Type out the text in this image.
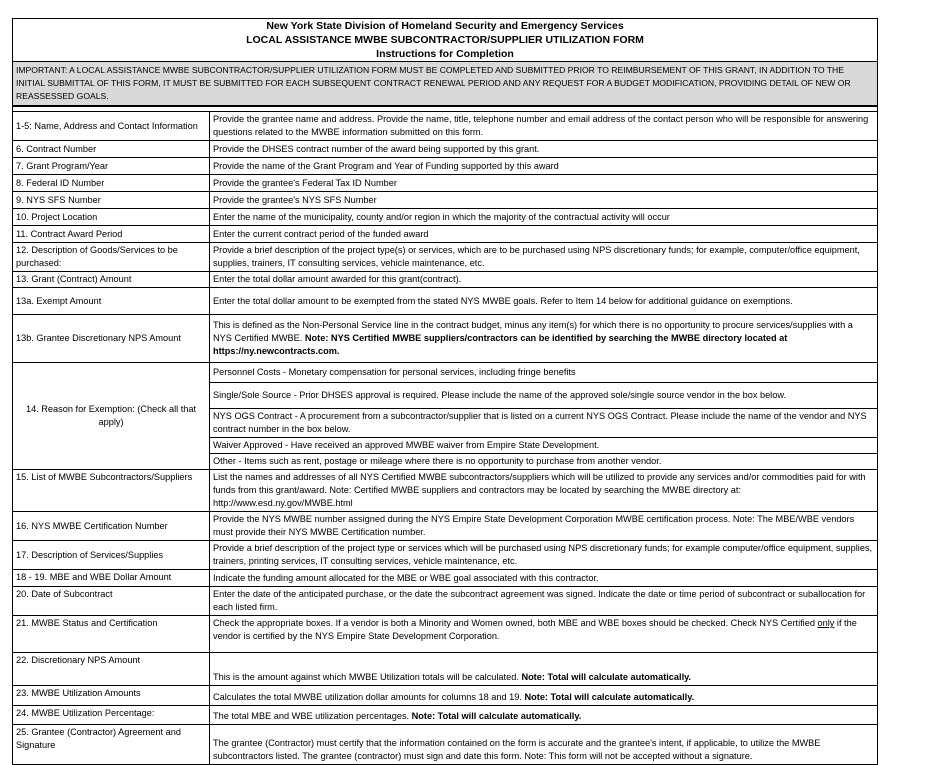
New York State Division of Homeland Security and Emergency Services	
LOCAL ASSISTANCE MWBE SUBCONTRACTOR/SUPPLIER UTILIZATION FORM	
Instructions for Completion	
IMPORTANT: A LOCAL ASSISTANCE MWBE SUBCONTRACTOR/SUPPLIER UTILIZATION FORM MUST BE COMPLETED AND SUBMITTED PRIOR TO REIMBURSEMENT OF THIS GRANT, IN ADDITION TO THE INITIAL SUBMITTAL OF THIS FORM, IT MUST BE SUBMITTED FOR EACH SUBSEQUENT CONTRACT RENEWAL PERIOD AND ANY REQUEST FOR A BUDGET MODIFICATION, PROVIDING DETAIL OF NEW OR REASSESSED GOALS.	

1-5: Name, Address and Contact Information	Provide the grantee name and address. Provide the name, title, telephone number and email address of the contact person who will be responsible for answering questions related to the MWBE information submitted on this form.
6. Contract Number	Provide the DHSES contract number of the award being supported by this grant.
7. Grant Program/Year	Provide the name of the Grant Program and Year of Funding supported by this award
8. Federal ID Number	Provide the grantee's Federal Tax ID Number
9. NYS SFS Number	Provide the grantee's NYS SFS Number
10. Project Location	Enter the name of the municipality, county and/or region in which the majority of the contractual activity will occur
11. Contract Award Period	Enter the current contract period of the funded award
12. Description of Goods/Services to be purchased:	Provide a brief description of the project type(s) or services, which are to be purchased using NPS discretionary funds; for example, computer/office equipment, supplies, trainers, IT consulting services, vehicle maintenance, etc.
13. Grant (Contract) Amount	Enter the total dollar amount awarded for this grant(contract).
13a. Exempt Amount	Enter the total dollar amount to be exempted from the stated NYS MWBE goals. Refer to Item 14 below for additional guidance on exemptions.
13b. Grantee Discretionary NPS Amount	This is defined as the Non-Personal Service line in the contract budget, minus any item(s) for which there is no opportunity to procure services/supplies with a NYS Certified MWBE. Note: NYS Certified MWBE suppliers/contractors can be identified by searching the MWBE directory located at https://ny.newcontracts.com.
14. Reason for Exemption: (Check all that apply)	Personnel Costs - Monetary compensation for personal services, including fringe benefits
	Single/Sole Source - Prior DHSES approval is required. Please include the name of the approved sole/single source vendor in the box below.
	NYS OGS Contract - A procurement from a subcontractor/supplier that is listed on a current NYS OGS Contract. Please include the name of the vendor and NYS contract number in the box below.
	Waiver Approved - Have received an approved MWBE waiver from Empire State Development.
	Other - Items such as rent, postage or mileage where there is no opportunity to purchase from another vendor.
15. List of MWBE Subcontractors/Suppliers	List the names and addresses of all NYS Certified MWBE subcontractors/suppliers which will be utilized to provide any services and/or commodities paid for with funds from this grant/award. Note: Certified MWBE suppliers and contractors may be located by searching the MWBE directory at: http://www.esd.ny.gov/MWBE.html
16. NYS MWBE Certification Number	Provide the NYS MWBE number assigned during the NYS Empire State Development Corporation MWBE certification process. Note: The MBE/WBE vendors must provide their NYS MWBE Certification number.
17. Description of Services/Supplies	Provide a brief description of the project type or services which will be purchased using NPS discretionary funds; for example computer/office equipment, supplies, trainers, printing services, IT consulting services, vehicle maintenance, etc.
18 - 19. MBE and WBE Dollar Amount	Indicate the funding amount allocated for the MBE or WBE goal associated with this contractor.
20. Date of Subcontract	Enter the date of the anticipated purchase, or the date the subcontract agreement was signed. Indicate the date or time period of subcontract or suballocation for each listed firm.
21. MWBE Status and Certification	Check the appropriate boxes. If a vendor is both a Minority and Women owned, both MBE and WBE boxes should be checked. Check NYS Certified only if the vendor is certified by the NYS Empire State Development Corporation.
22. Discretionary NPS Amount	This is the amount against which MWBE Utilization totals will be calculated. Note: Total will calculate automatically.
23. MWBE Utilization Amounts	Calculates the total MWBE utilization dollar amounts for columns 18 and 19. Note: Total will calculate automatically.
24. MWBE Utilization Percentage:	The total MBE and WBE utilization percentages. Note: Total will calculate automatically.
25. Grantee (Contractor) Agreement and Signature	The grantee (Contractor) must certify that the information contained on the form is accurate and the grantee's intent, if applicable, to utilize the MWBE subcontractors listed. The grantee (contractor) must sign and date this form. Note: This form will not be accepted without a signature.
